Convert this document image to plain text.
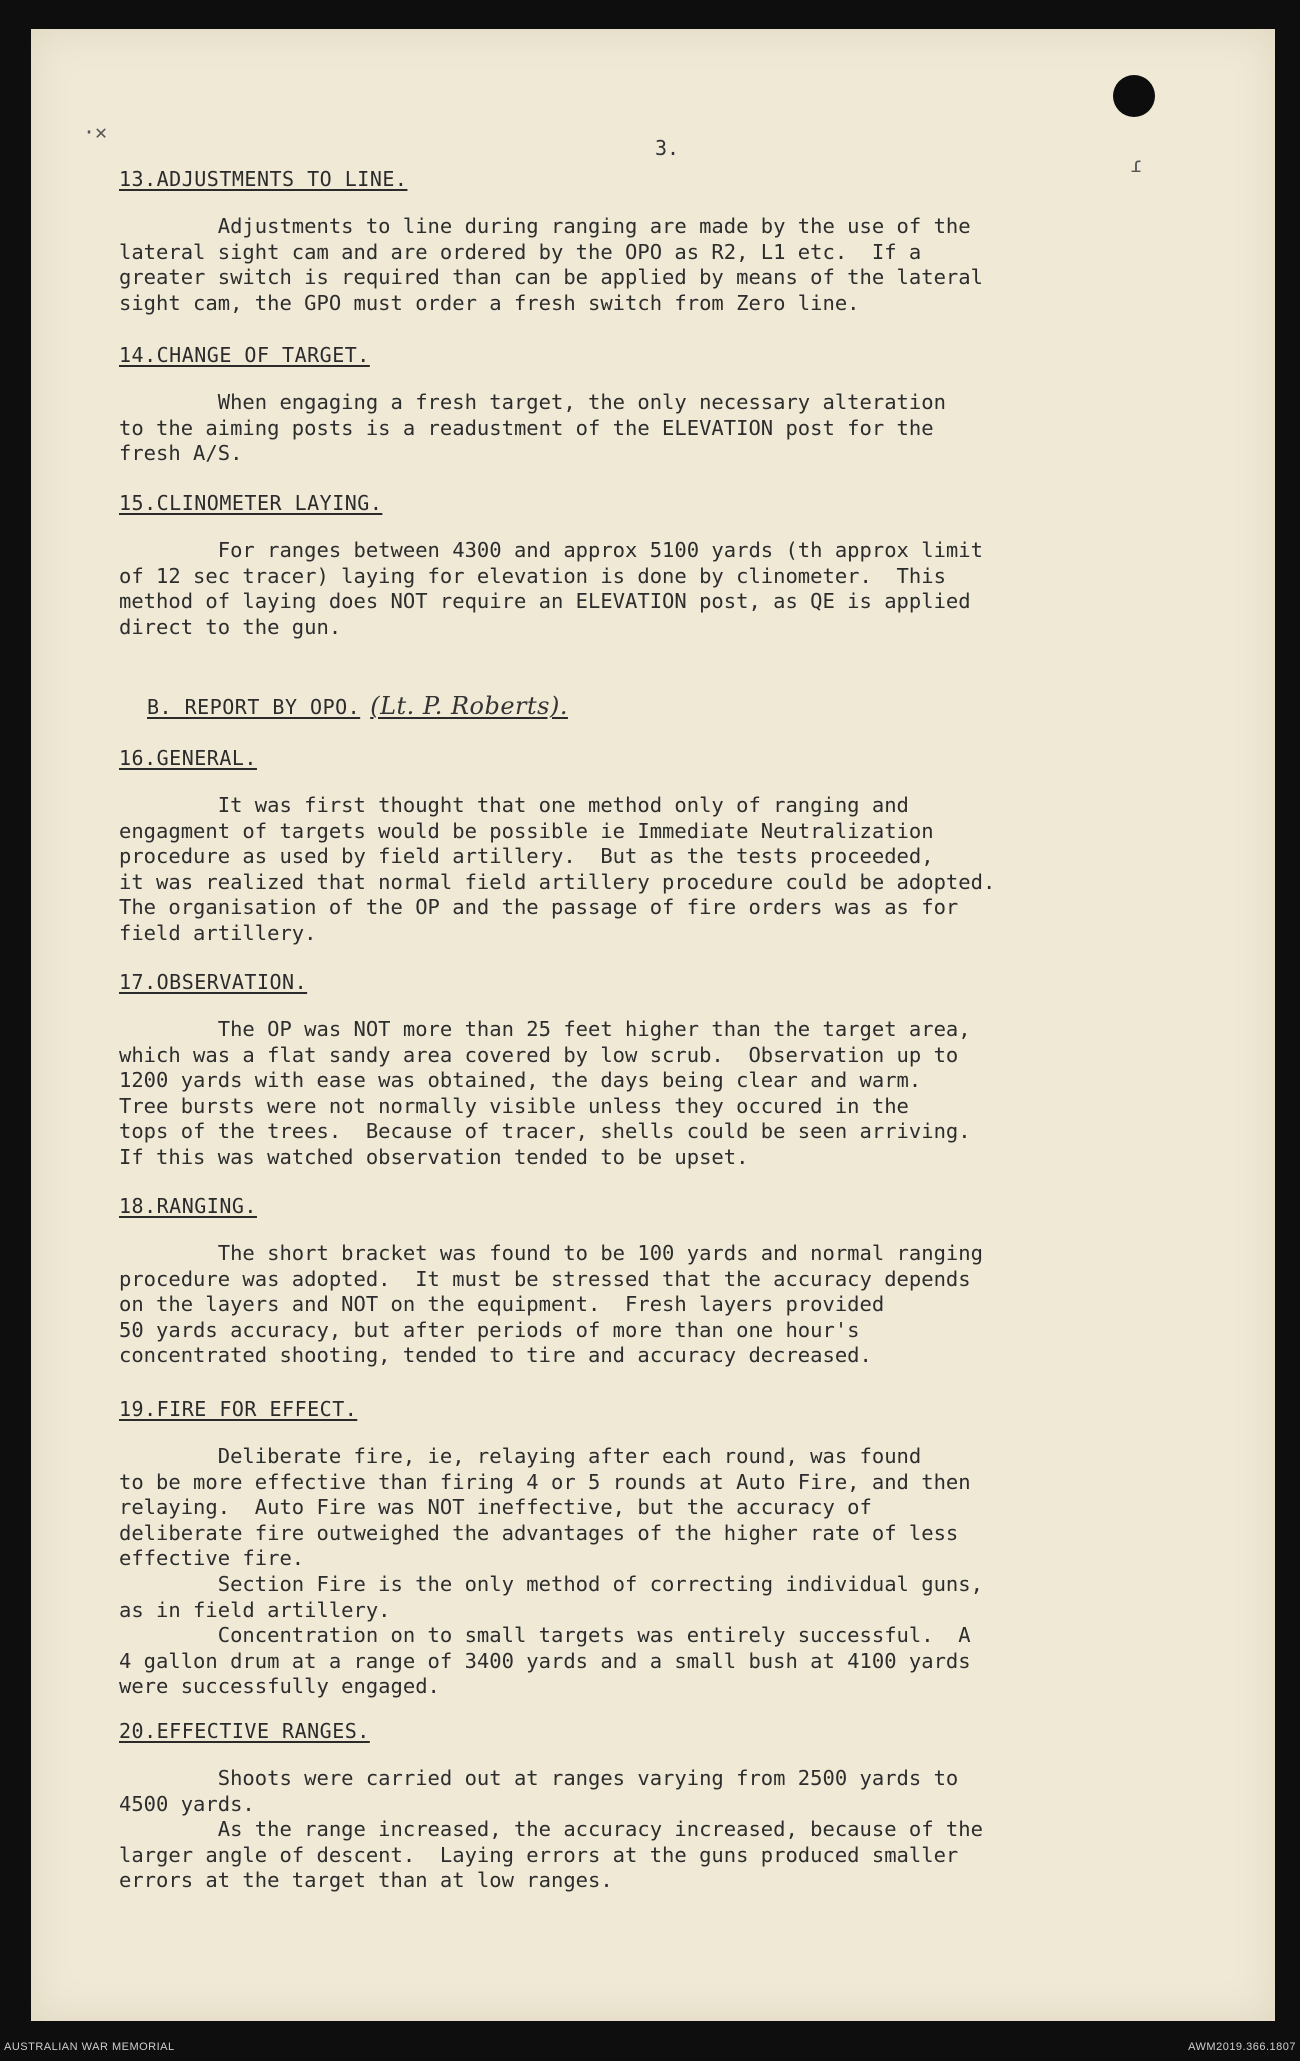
·✕
ɾ
3.
13.ADJUSTMENTS TO LINE.
Adjustments to line during ranging are made by the use of the
lateral sight cam and are ordered by the OPO as R2, L1 etc.  If a
greater switch is required than can be applied by means of the lateral
sight cam, the GPO must order a fresh switch from Zero line.
14.CHANGE OF TARGET.
When engaging a fresh target, the only necessary alteration
to the aiming posts is a readustment of the ELEVATION post for the
fresh A/S.
15.CLINOMETER LAYING.
For ranges between 4300 and approx 5100 yards (th approx limit
of 12 sec tracer) laying for elevation is done by clinometer.  This
method of laying does NOT require an ELEVATION post, as QE is applied
direct to the gun.
B. REPORT BY OPO. (Lt. P. Roberts).
16.GENERAL.
It was first thought that one method only of ranging and
engagment of targets would be possible ie Immediate Neutralization
procedure as used by field artillery.  But as the tests proceeded,
it was realized that normal field artillery procedure could be adopted.
The organisation of the OP and the passage of fire orders was as for
field artillery.
17.OBSERVATION.
The OP was NOT more than 25 feet higher than the target area,
which was a flat sandy area covered by low scrub.  Observation up to
1200 yards with ease was obtained, the days being clear and warm.
Tree bursts were not normally visible unless they occured in the
tops of the trees.  Because of tracer, shells could be seen arriving.
If this was watched observation tended to be upset.
18.RANGING.
The short bracket was found to be 100 yards and normal ranging
procedure was adopted.  It must be stressed that the accuracy depends
on the layers and NOT on the equipment.  Fresh layers provided
50 yards accuracy, but after periods of more than one hour's
concentrated shooting, tended to tire and accuracy decreased.
19.FIRE FOR EFFECT.
Deliberate fire, ie, relaying after each round, was found
to be more effective than firing 4 or 5 rounds at Auto Fire, and then
relaying.  Auto Fire was NOT ineffective, but the accuracy of
deliberate fire outweighed the advantages of the higher rate of less
effective fire.
Section Fire is the only method of correcting individual guns,
as in field artillery.
Concentration on to small targets was entirely successful.  A
4 gallon drum at a range of 3400 yards and a small bush at 4100 yards
were successfully engaged.
20.EFFECTIVE RANGES.
Shoots were carried out at ranges varying from 2500 yards to
4500 yards.
As the range increased, the accuracy increased, because of the
larger angle of descent.  Laying errors at the guns produced smaller
errors at the target than at low ranges.
AUSTRALIAN WAR MEMORIAL	AWM2019.366.1807
